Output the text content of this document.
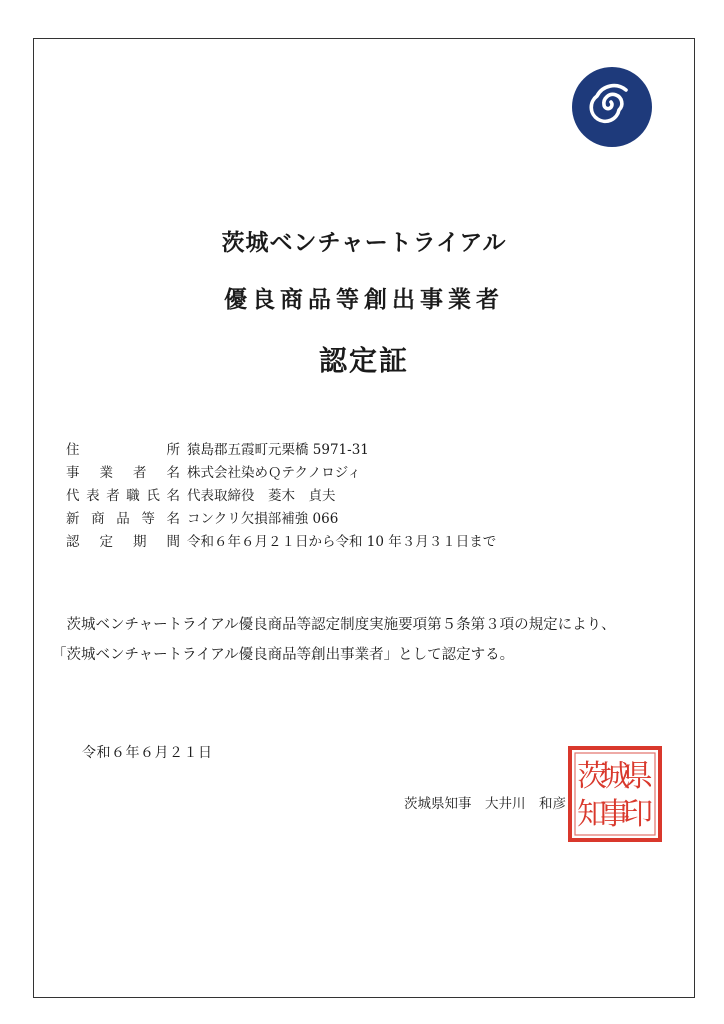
茨城ベンチャートライアル
優良商品等創出事業者
認定証
住	所 猿島郡五霞町元栗橋 5971-31
事 業 者 名 株式会社染めＱテクノロジィ
代 表 者 職 氏 名 代表取締役　菱木　貞夫
新 商 品 等 名 コンクリ欠損部補強 066
認 定 期 間 令和６年６月２１日から令和 10 年３月３１日まで
　茨城ベンチャートライアル優良商品等認定制度実施要項第５条第３項の規定により、
「茨城ベンチャートライアル優良商品等創出事業者」として認定する。
令和６年６月２１日
茨城県知事　大井川　和彦
県
城
茨
印
事
知
